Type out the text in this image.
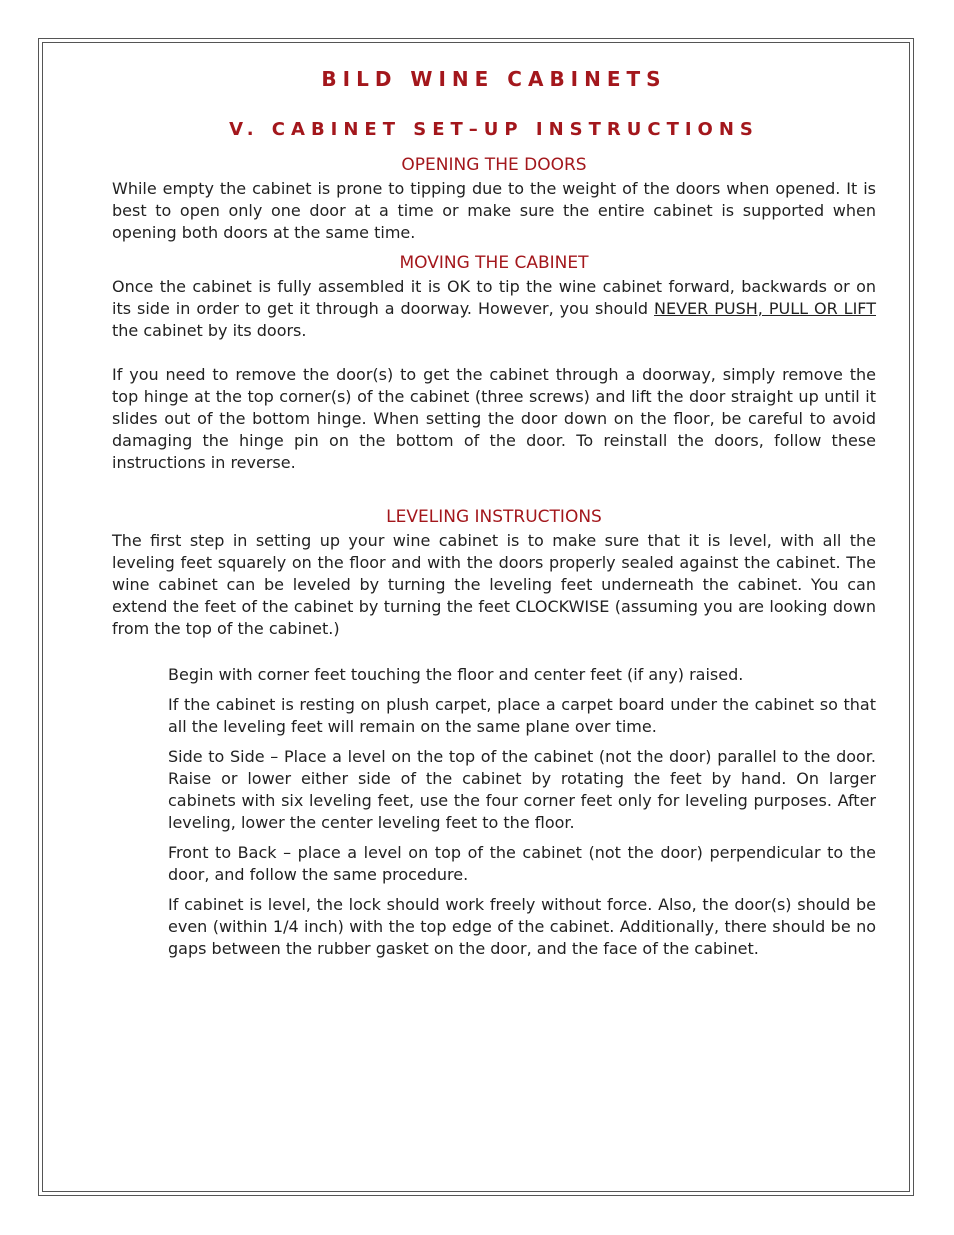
BILD WINE CABINETS
V. CABINET SET–UP INSTRUCTIONS
OPENING THE DOORS

While empty the cabinet is prone to tipping due to the weight of the doors when opened. It is best to open only one door at a time or make sure the entire cabinet is supported when opening both doors at the same time.

MOVING THE CABINET

Once the cabinet is fully assembled it is OK to tip the wine cabinet forward, backwards or on its side in order to get it through a doorway. However, you should NEVER PUSH, PULL OR LIFT the cabinet by its doors.

If you need to remove the door(s) to get the cabinet through a doorway, simply remove the top hinge at the top corner(s) of the cabinet (three screws) and lift the door straight up until it slides out of the bottom hinge. When setting the door down on the floor, be careful to avoid damaging the hinge pin on the bottom of the door. To reinstall the doors, follow these instructions in reverse.

LEVELING INSTRUCTIONS

The first step in setting up your wine cabinet is to make sure that it is level, with all the leveling feet squarely on the floor and with the doors properly sealed against the cabinet. The wine cabinet can be leveled by turning the leveling feet underneath the cabinet. You can extend the feet of the cabinet by turning the feet CLOCKWISE (assuming you are looking down from the top of the cabinet.)

Begin with corner feet touching the floor and center feet (if any) raised.

If the cabinet is resting on plush carpet, place a carpet board under the cabinet so that all the leveling feet will remain on the same plane over time.

Side to Side – Place a level on the top of the cabinet (not the door) parallel to the door. Raise or lower either side of the cabinet by rotating the feet by hand. On larger cabinets with six leveling feet, use the four corner feet only for leveling purposes. After leveling, lower the center leveling feet to the floor.

Front to Back – place a level on top of the cabinet (not the door) perpendicular to the door, and follow the same procedure.

If cabinet is level, the lock should work freely without force. Also, the door(s) should be even (within 1/4 inch) with the top edge of the cabinet. Additionally, there should be no gaps between the rubber gasket on the door, and the face of the cabinet.
